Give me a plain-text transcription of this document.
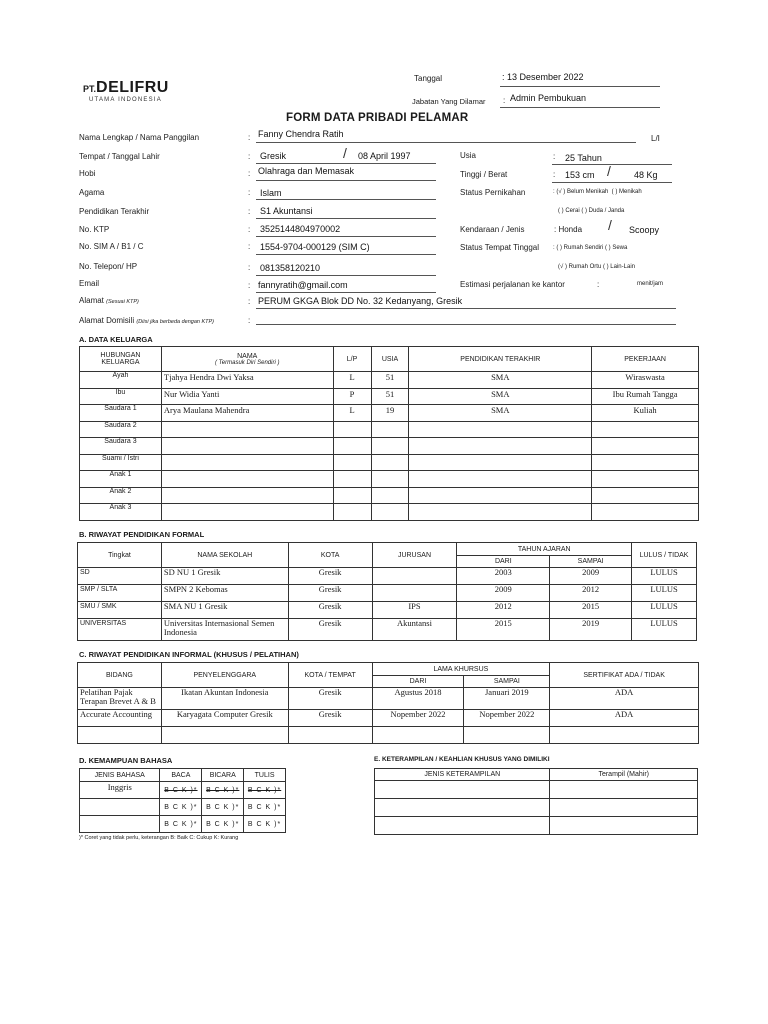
PT.DELIFRU
UTAMA INDONESIA
Tanggal	: 13 Desember 2022
Jabatan Yang Dilamar : Admin Pembukuan
FORM DATA PRIBADI PELAMAR
Nama Lengkap / Nama Panggilan	: Fanny Chendra Ratih	L/I
Tempat / Tanggal Lahir	: Gresik	/ 08 April 1997
Hobi	: Olahraga dan Memasak
Agama	: Islam
Pendidikan Terakhir	: S1 Akuntansi
No. KTP	: 3525144804970002
No. SIM A / B1 / C	: 1554-9704-000129 (SIM C)
No. Telepon/ HP	: 081358120210
Email	: fannyratih@gmail.com
Alamat (Sesuai KTP)	: PERUM GKGA Blok DD No. 32 Kedanyang, Gresik
Alamat Domisili (Diisi jika berbeda dengan KTP)	:
Usia	: 25 Tahun
Tinggi / Berat	: 153 cm /	48 Kg
Status Pernikahan	: (√ ) Belum Menikah ( ) Menikah
( ) Cerai ( ) Duda / Janda
Kendaraan / Jenis	: Honda / Scoopy
Status Tempat Tinggal : ( ) Rumah Sendiri ( ) Sewa
(√ ) Rumah Ortu ( ) Lain-Lain
Estimasi perjalanan ke kantor	:	menit/jam
A. DATA KELUARGA
HUBUNGAN KELUARGA	NAMA
( Termasuk Diri Sendiri )	L/P	USIA	PENDIDIKAN TERAKHIR	PEKERJAAN
Ayah	Tjahya Hendra Dwi Yaksa	L	51	SMA	Wiraswasta
Ibu	Nur Widia Yanti	P	51	SMA	Ibu Rumah Tangga
Saudara 1	Arya Maulana Mahendra	L	19	SMA	Kuliah
Saudara 2					
Saudara 3					
Suami / Istri					
Anak 1					
Anak 2					
Anak 3					
B. RIWAYAT PENDIDIKAN FORMAL
Tingkat	NAMA SEKOLAH	KOTA	JURUSAN	TAHUN AJARAN		LULUS / TIDAK
				DARI	SAMPAI	
SD	SD NU 1 Gresik	Gresik		2003	2009	LULUS
SMP / SLTA	SMPN 2 Kebomas	Gresik		2009	2012	LULUS
SMU / SMK	SMA NU 1 Gresik	Gresik	IPS	2012	2015	LULUS
UNIVERSITAS	Universitas Internasional Semen Indonesia	Gresik	Akuntansi	2015	2019	LULUS
C. RIWAYAT PENDIDIKAN INFORMAL (KHUSUS / PELATIHAN)
BIDANG	PENYELENGGARA	KOTA / TEMPAT	LAMA KHURSUS		SERTIFIKAT ADA / TIDAK
			DARI	SAMPAI	
Pelatihan Pajak Terapan Brevet A & B	Ikatan Akuntan Indonesia	Gresik	Agustus 2018	Januari 2019	ADA
Accurate Accounting	Karyagata Computer Gresik	Gresik	Nopember 2022	Nopember 2022	ADA

D. KEMAMPUAN BAHASA
JENIS BAHASA	BACA	BICARA	TULIS
Inggris	B C K )*	B C K )*	B C K )*
	B C K )*	B C K )*	B C K )*
	B C K )*	B C K )*	B C K )*
)* Coret yang tidak perlu, keterangan B: Baik C: Cukup K: Kurang
E. KETERAMPILAN / KEAHLIAN KHUSUS YANG DIMILIKI
JENIS KETERAMPILAN	Terampil (Mahir)
